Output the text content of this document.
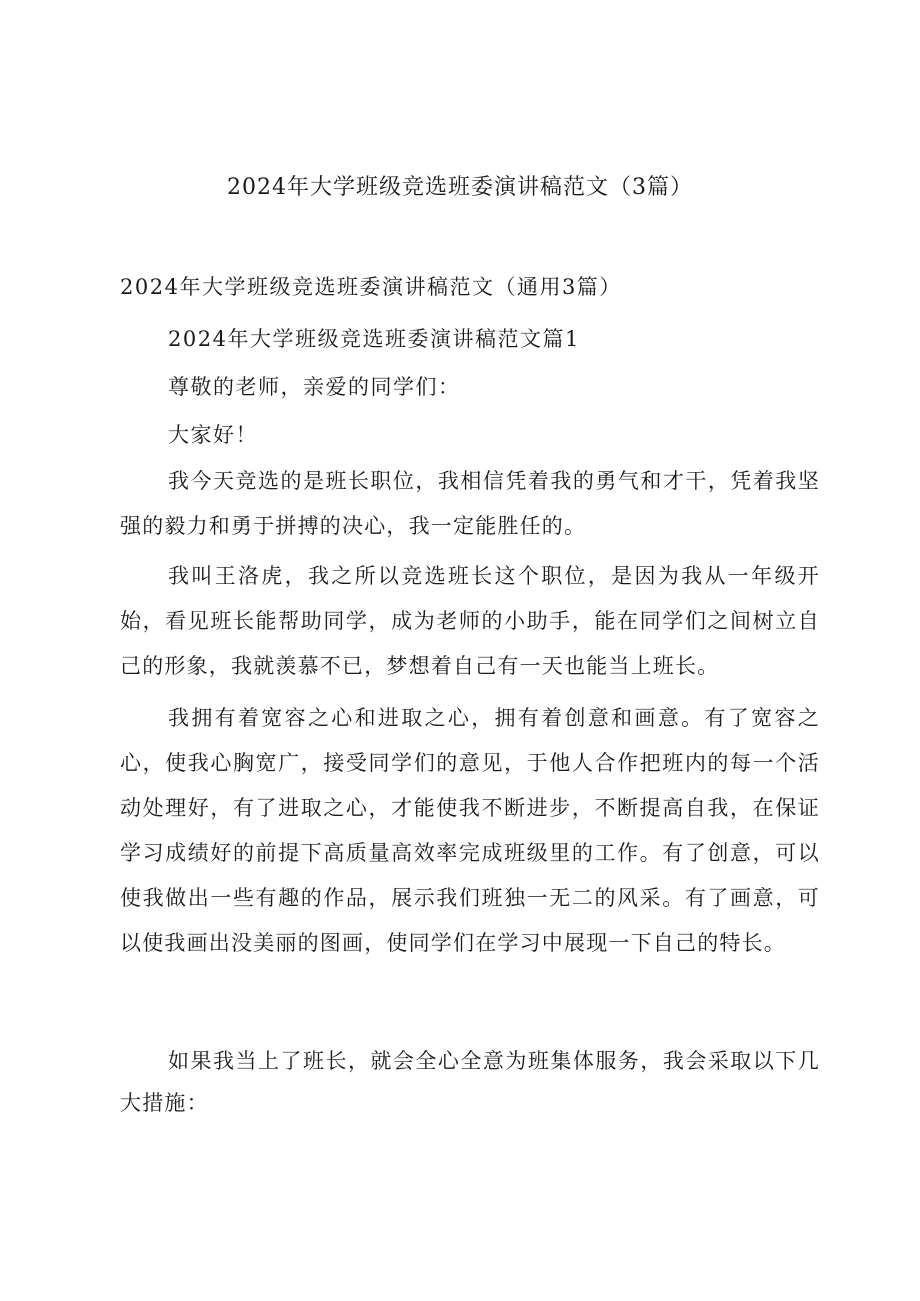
2024年大学班级竞选班委演讲稿范文（3篇）
2024年大学班级竞选班委演讲稿范文（通用3篇）
2024年大学班级竞选班委演讲稿范文篇1
尊敬的老师，亲爱的同学们：
大家好！

我今天竞选的是班长职位，我相信凭着我的勇气和才干，凭着我坚强的毅力和勇于拼搏的决心，我一定能胜任的。

我叫王洛虎，我之所以竞选班长这个职位，是因为我从一年级开始，看见班长能帮助同学，成为老师的小助手，能在同学们之间树立自己的形象，我就羡慕不已，梦想着自己有一天也能当上班长。

我拥有着宽容之心和进取之心，拥有着创意和画意。有了宽容之心，使我心胸宽广，接受同学们的意见，于他人合作把班内的每一个活动处理好，有了进取之心，才能使我不断进步，不断提高自我，在保证学习成绩好的前提下高质量高效率完成班级里的工作。有了创意，可以使我做出一些有趣的作品，展示我们班独一无二的风采。有了画意，可以使我画出没美丽的图画，使同学们在学习中展现一下自己的特长。

如果我当上了班长，就会全心全意为班集体服务，我会采取以下几大措施：
